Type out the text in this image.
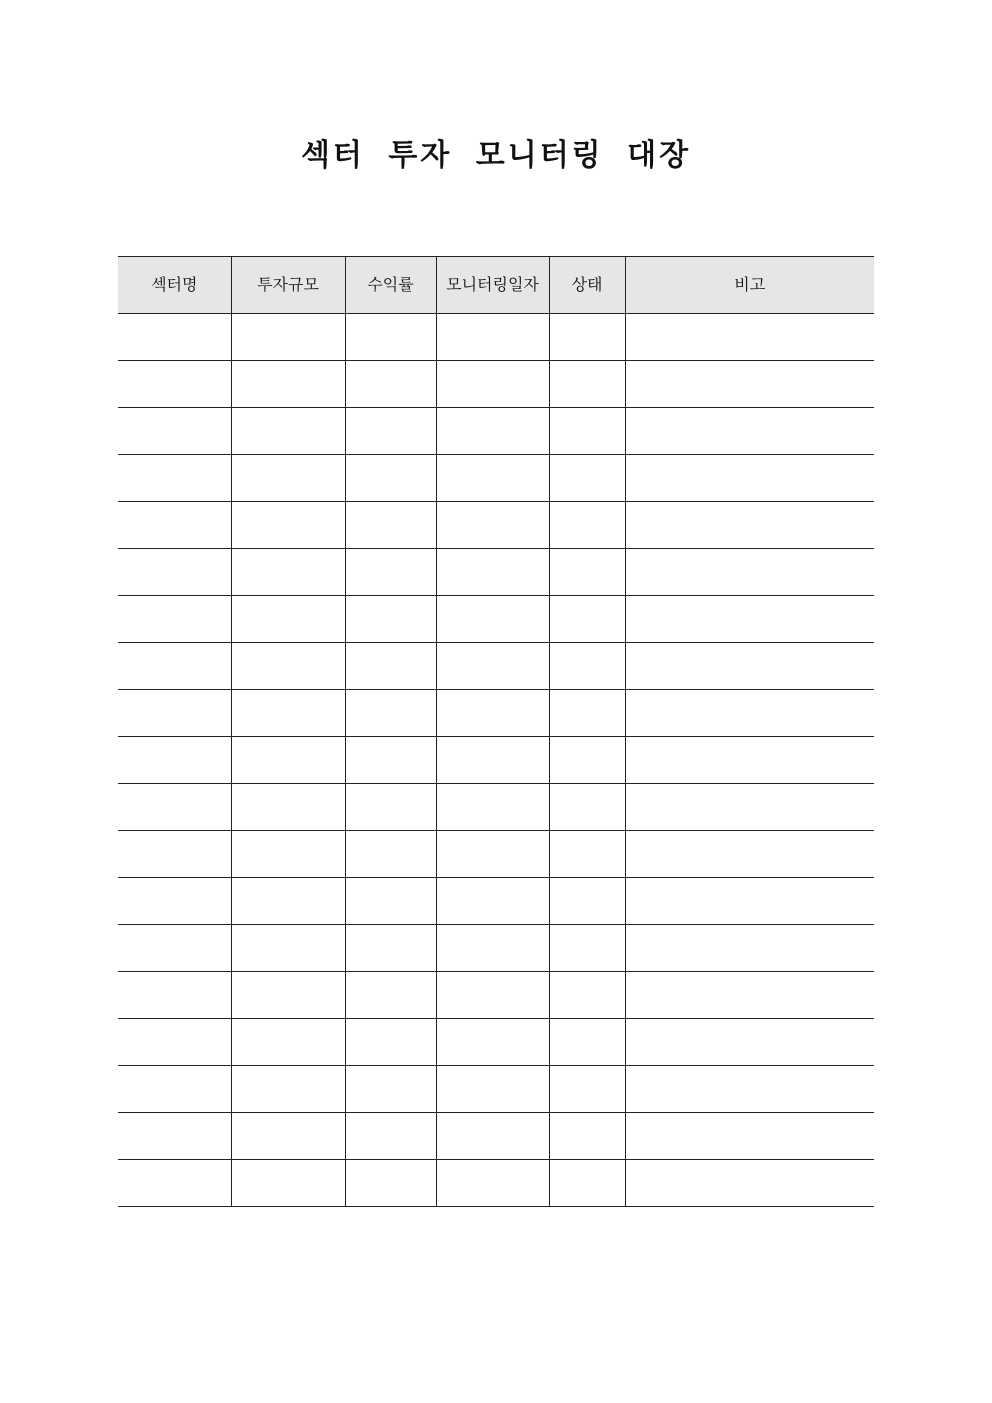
섹터 투자 모니터링 대장
섹터명	투자규모	수익률	모니터링일자	상태	비고
